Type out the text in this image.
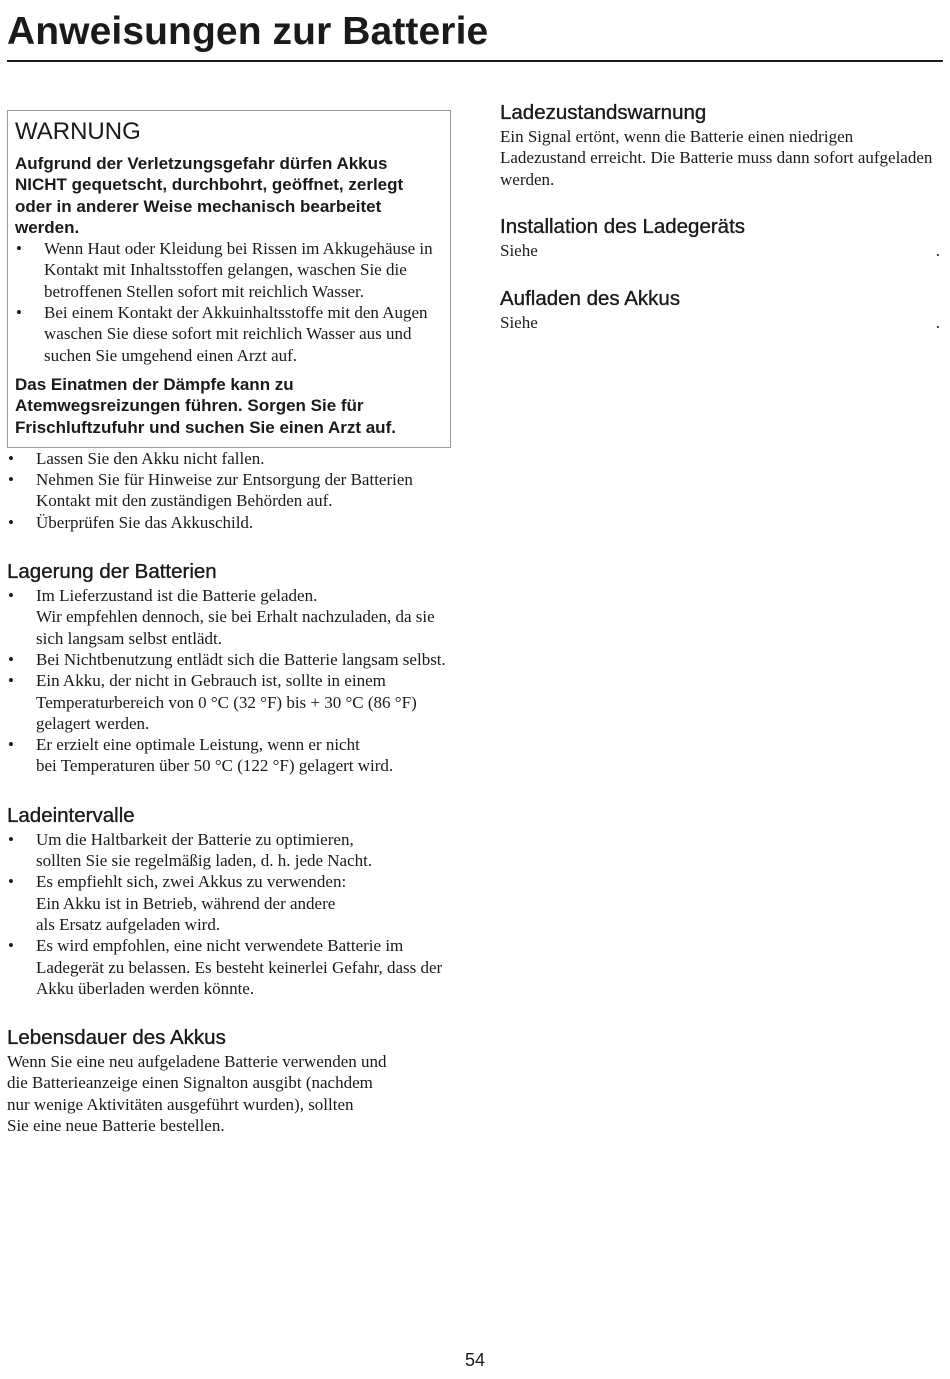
Anweisungen zur Batterie
WARNUNG

Aufgrund der Verletzungsgefahr dürfen Akkus NICHT gequetscht, durchbohrt, geöffnet, zerlegt oder in anderer Weise mechanisch bearbeitet werden.

• Wenn Haut oder Kleidung bei Rissen im Akkugehäuse in Kontakt mit Inhaltsstoffen gelangen, waschen Sie die betroffenen Stellen sofort mit reichlich Wasser.
• Bei einem Kontakt der Akkuinhaltsstoffe mit den Augen waschen Sie diese sofort mit reichlich Wasser aus und suchen Sie umgehend einen Arzt auf.

Das Einatmen der Dämpfe kann zu Atemwegsreizungen führen. Sorgen Sie für Frischluftzufuhr und suchen Sie einen Arzt auf.

• Lassen Sie den Akku nicht fallen.
• Nehmen Sie für Hinweise zur Entsorgung der Batterien Kontakt mit den zuständigen Behörden auf.
• Überprüfen Sie das Akkuschild.
Lagerung der Batterien
• Im Lieferzustand ist die Batterie geladen.
Wir empfehlen dennoch, sie bei Erhalt nachzuladen, da sie sich langsam selbst entlädt.
• Bei Nichtbenutzung entlädt sich die Batterie langsam selbst.
• Ein Akku, der nicht in Gebrauch ist, sollte in einem Temperaturbereich von 0 °C (32 °F) bis + 30 °C (86 °F) gelagert werden.
• Er erzielt eine optimale Leistung, wenn er nicht
bei Temperaturen über 50 °C (122 °F) gelagert wird.
Ladeintervalle
• Um die Haltbarkeit der Batterie zu optimieren,
sollten Sie sie regelmäßig laden, d. h. jede Nacht.
• Es empfiehlt sich, zwei Akkus zu verwenden:
Ein Akku ist in Betrieb, während der andere
als Ersatz aufgeladen wird.
• Es wird empfohlen, eine nicht verwendete Batterie im Ladegerät zu belassen. Es besteht keinerlei Gefahr, dass der Akku überladen werden könnte.
Lebensdauer des Akkus

Wenn Sie eine neu aufgeladene Batterie verwenden und
die Batterieanzeige einen Signalton ausgibt (nachdem
nur wenige Aktivitäten ausgeführt wurden), sollten
Sie eine neue Batterie bestellen.

Ladezustandswarnung

Ein Signal ertönt, wenn die Batterie einen niedrigen Ladezustand erreicht. Die Batterie muss dann sofort aufgeladen werden.

Installation des Ladegeräts
Siehe	.
Aufladen des Akkus
Siehe	.
54
